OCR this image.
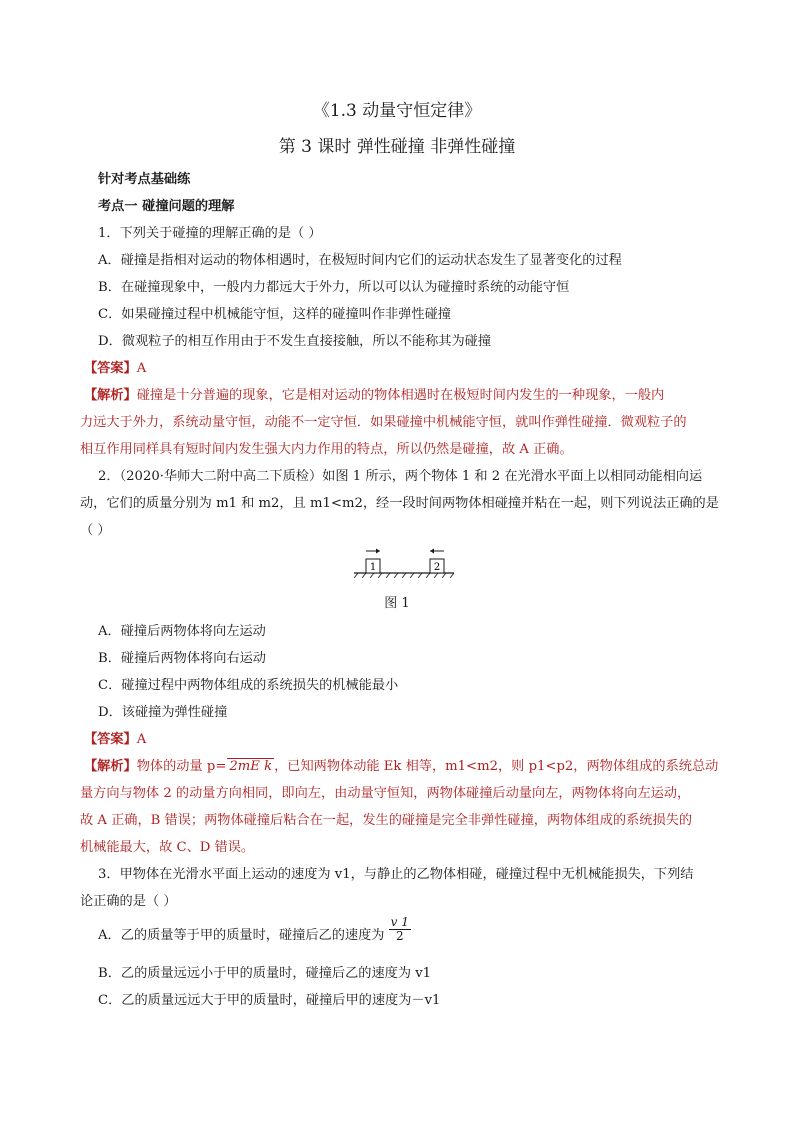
《1.3 动量守恒定律》
第 3 课时 弹性碰撞 非弹性碰撞
针对考点基础练
考点一 碰撞问题的理解
1．下列关于碰撞的理解正确的是（ ）
A．碰撞是指相对运动的物体相遇时，在极短时间内它们的运动状态发生了显著变化的过程
B．在碰撞现象中，一般内力都远大于外力，所以可以认为碰撞时系统的动能守恒
C．如果碰撞过程中机械能守恒，这样的碰撞叫作非弹性碰撞
D．微观粒子的相互作用由于不发生直接接触，所以不能称其为碰撞
【答案】A
【解析】碰撞是十分普遍的现象，它是相对运动的物体相遇时在极短时间内发生的一种现象，一般内
力远大于外力，系统动量守恒，动能不一定守恒．如果碰撞中机械能守恒，就叫作弹性碰撞．微观粒子的
相互作用同样具有短时间内发生强大内力作用的特点，所以仍然是碰撞，故 A 正确。
2．（2020·华师大二附中高二下质检）如图 1 所示，两个物体 1 和 2 在光滑水平面上以相同动能相向运
动，它们的质量分别为 m1 和 m2，且 m1<m2，经一段时间两物体相碰撞并粘在一起，则下列说法正确的是
（ ）
1	2
图 1
A．碰撞后两物体将向左运动
B．碰撞后两物体将向右运动
C．碰撞过程中两物体组成的系统损失的机械能最小
D．该碰撞为弹性碰撞
【答案】A
【解析】物体的动量 p= 2mE k ，已知两物体动能 Ek 相等，m1<m2，则 p1<p2，两物体组成的系统总动
量方向与物体 2 的动量方向相同，即向左，由动量守恒知，两物体碰撞后动量向左，两物体将向左运动，
故 A 正确，B 错误；两物体碰撞后粘合在一起，发生的碰撞是完全非弹性碰撞，两物体组成的系统损失的
机械能最大，故 C、D 错误。
3．甲物体在光滑水平面上运动的速度为 v1，与静止的乙物体相碰，碰撞过程中无机械能损失，下列结
论正确的是（ ）
A．乙的质量等于甲的质量时，碰撞后乙的速度为 $\frac{v 1}{2}$
B．乙的质量远远小于甲的质量时，碰撞后乙的速度为 v1
C．乙的质量远远大于甲的质量时，碰撞后甲的速度为－v1
